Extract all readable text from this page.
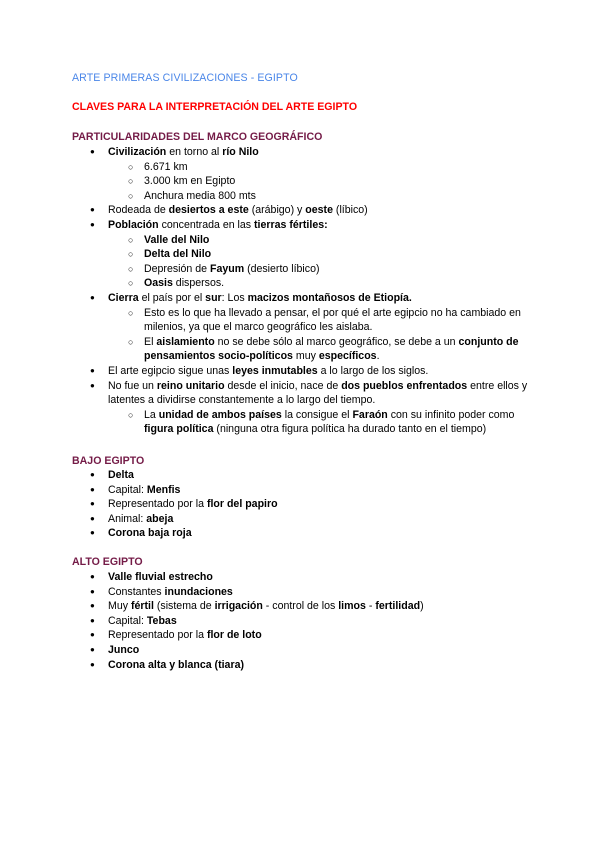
ARTE PRIMERAS CIVILIZACIONES - EGIPTO
CLAVES PARA LA INTERPRETACIÓN DEL ARTE EGIPTO
PARTICULARIDADES DEL MARCO GEOGRÁFICO
● Civilización en torno al río Nilo
○ 6.671 km
○ 3.000 km en Egipto
○ Anchura media 800 mts
● Rodeada de desiertos a este (arábigo) y oeste (líbico)
● Población concentrada en las tierras fértiles:
○ Valle del Nilo
○ Delta del Nilo
○ Depresión de Fayum (desierto líbico)
○ Oasis dispersos.
● Cierra el país por el sur: Los macizos montañosos de Etiopía.
○ Esto es lo que ha llevado a pensar, el por qué el arte egipcio no ha cambiado en milenios, ya que el marco geográfico les aislaba.
○ El aislamiento no se debe sólo al marco geográfico, se debe a un conjunto de pensamientos socio-políticos muy específicos.
● El arte egipcio sigue unas leyes inmutables a lo largo de los siglos.
● No fue un reino unitario desde el inicio, nace de dos pueblos enfrentados entre ellos y latentes a dividirse constantemente a lo largo del tiempo.
○ La unidad de ambos países la consigue el Faraón con su infinito poder como figura política (ninguna otra figura política ha durado tanto en el tiempo)
BAJO EGIPTO
● Delta
● Capital: Menfis
● Representado por la flor del papiro
● Animal: abeja
● Corona baja roja
ALTO EGIPTO
● Valle fluvial estrecho
● Constantes inundaciones
● Muy fértil (sistema de irrigación - control de los limos - fertilidad)
● Capital: Tebas
● Representado por la flor de loto
● Junco
● Corona alta y blanca (tiara)
